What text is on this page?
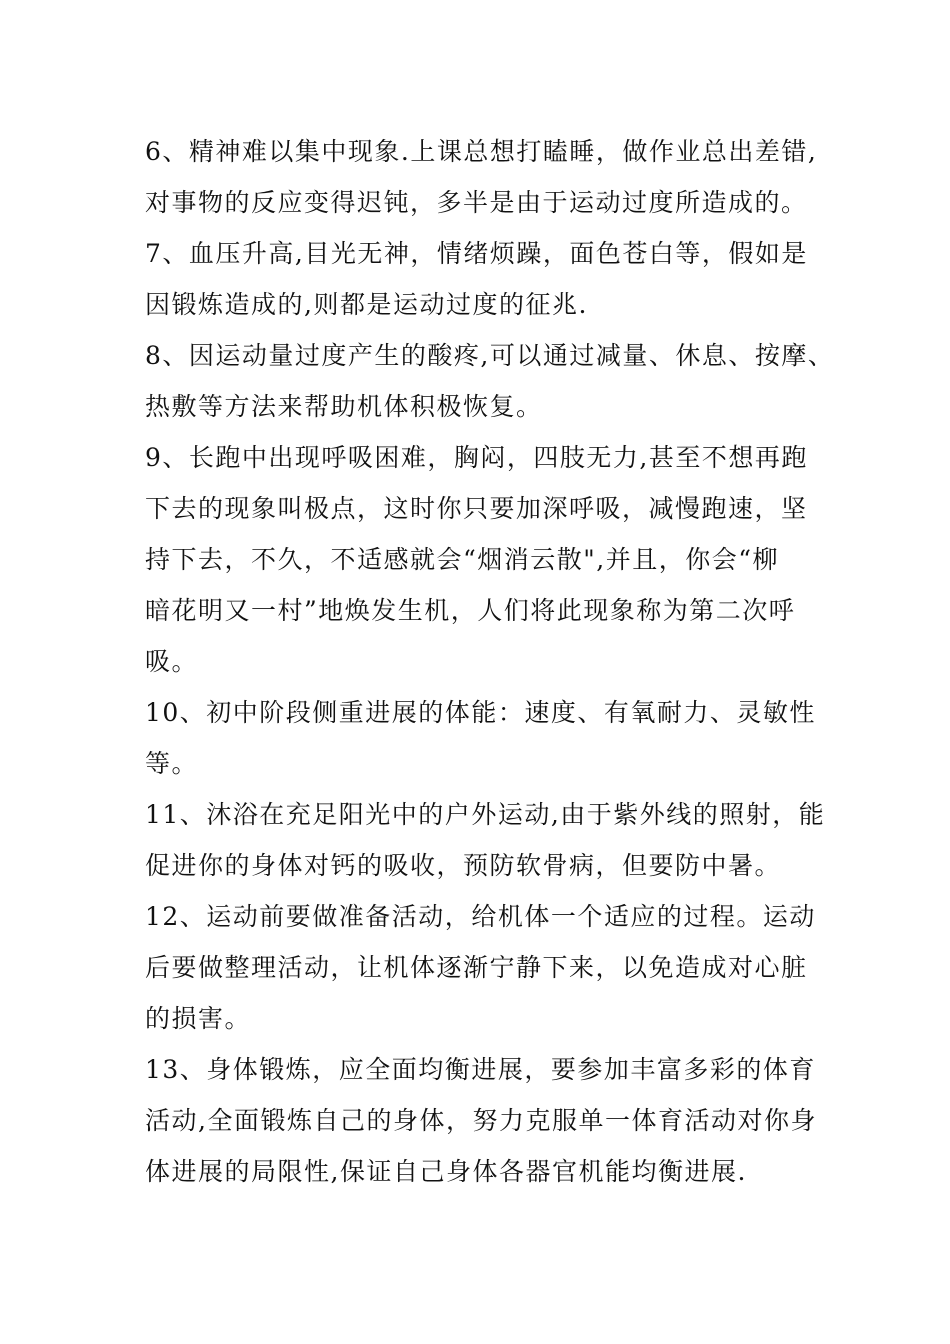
6、精神难以集中现象.上课总想打瞌睡，做作业总出差错,
对事物的反应变得迟钝，多半是由于运动过度所造成的。

7、血压升高,目光无神，情绪烦躁，面色苍白等，假如是
因锻炼造成的,则都是运动过度的征兆.

8、因运动量过度产生的酸疼,可以通过减量、休息、按摩、
热敷等方法来帮助机体积极恢复。

9、长跑中出现呼吸困难，胸闷，四肢无力,甚至不想再跑
下去的现象叫极点，这时你只要加深呼吸，减慢跑速，坚
持下去，不久，不适感就会“烟消云散",并且，你会“柳
暗花明又一村”地焕发生机，人们将此现象称为第二次呼
吸。

10、初中阶段侧重进展的体能：速度、有氧耐力、灵敏性
等。

11、沐浴在充足阳光中的户外运动,由于紫外线的照射，能
促进你的身体对钙的吸收，预防软骨病，但要防中暑。

12、运动前要做准备活动，给机体一个适应的过程。运动
后要做整理活动，让机体逐渐宁静下来，以免造成对心脏
的损害。

13、身体锻炼，应全面均衡进展，要参加丰富多彩的体育
活动,全面锻炼自己的身体，努力克服单一体育活动对你身
体进展的局限性,保证自己身体各器官机能均衡进展.
